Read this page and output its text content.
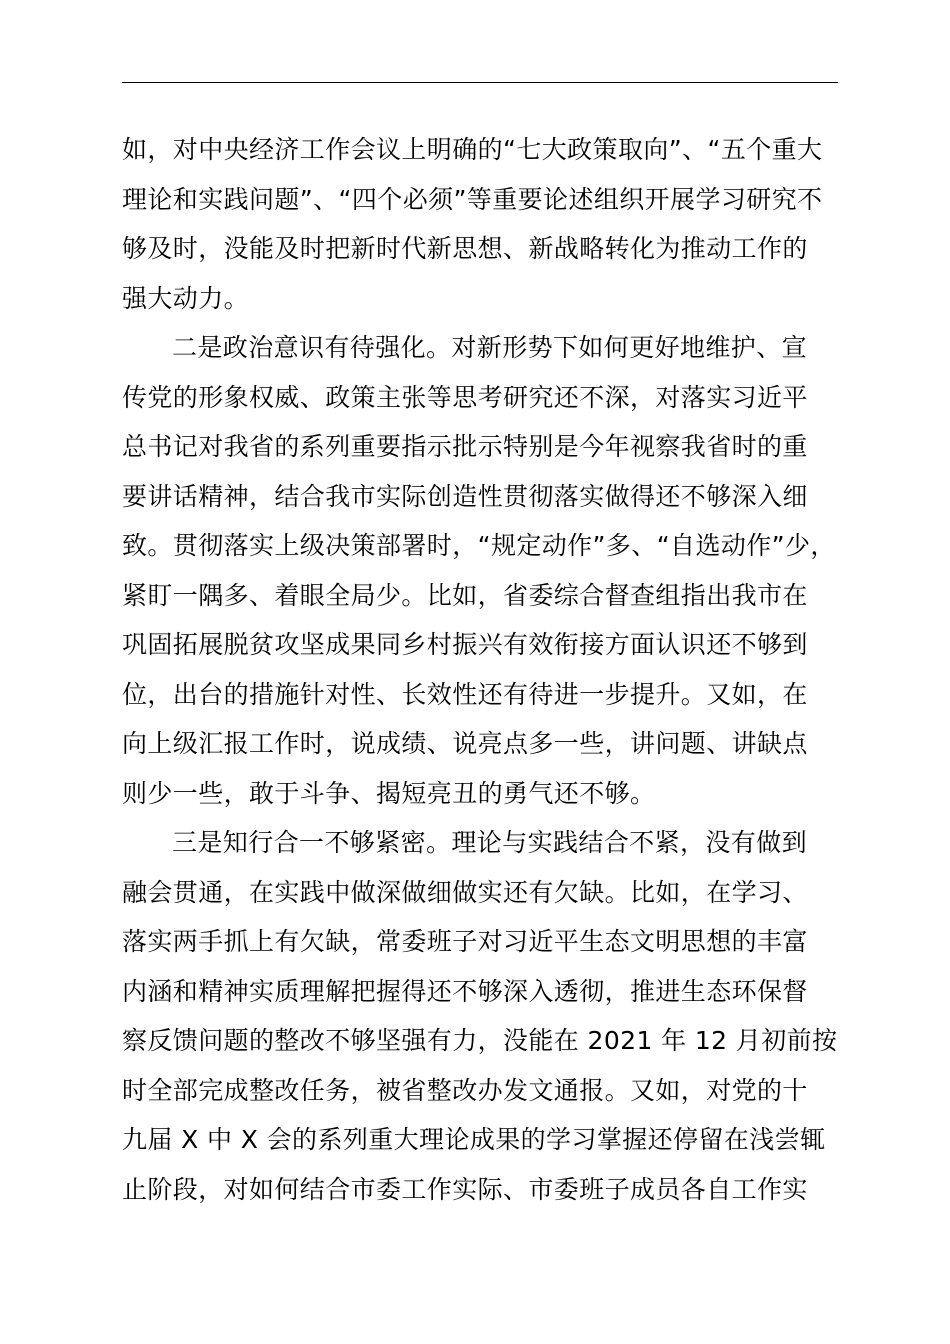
如，对中央经济工作会议上明确的“七大政策取向”、“五个重大
理论和实践问题”、“四个必须”等重要论述组织开展学习研究不
够及时，没能及时把新时代新思想、新战略转化为推动工作的
强大动力。
二是政治意识有待强化。对新形势下如何更好地维护、宣
传党的形象权威、政策主张等思考研究还不深，对落实习近平
总书记对我省的系列重要指示批示特别是今年视察我省时的重
要讲话精神，结合我市实际创造性贯彻落实做得还不够深入细
致。贯彻落实上级决策部署时，“规定动作”多、“自选动作”少，
紧盯一隅多、着眼全局少。比如，省委综合督查组指出我市在
巩固拓展脱贫攻坚成果同乡村振兴有效衔接方面认识还不够到
位，出台的措施针对性、长效性还有待进一步提升。又如，在
向上级汇报工作时，说成绩、说亮点多一些，讲问题、讲缺点
则少一些，敢于斗争、揭短亮丑的勇气还不够。
三是知行合一不够紧密。理论与实践结合不紧，没有做到
融会贯通，在实践中做深做细做实还有欠缺。比如，在学习、
落实两手抓上有欠缺，常委班子对习近平生态文明思想的丰富
内涵和精神实质理解把握得还不够深入透彻，推进生态环保督
察反馈问题的整改不够坚强有力，没能在 2021 年 12 月初前按
时全部完成整改任务，被省整改办发文通报。又如，对党的十
九届 X 中 X 会的系列重大理论成果的学习掌握还停留在浅尝辄
止阶段，对如何结合市委工作实际、市委班子成员各自工作实
